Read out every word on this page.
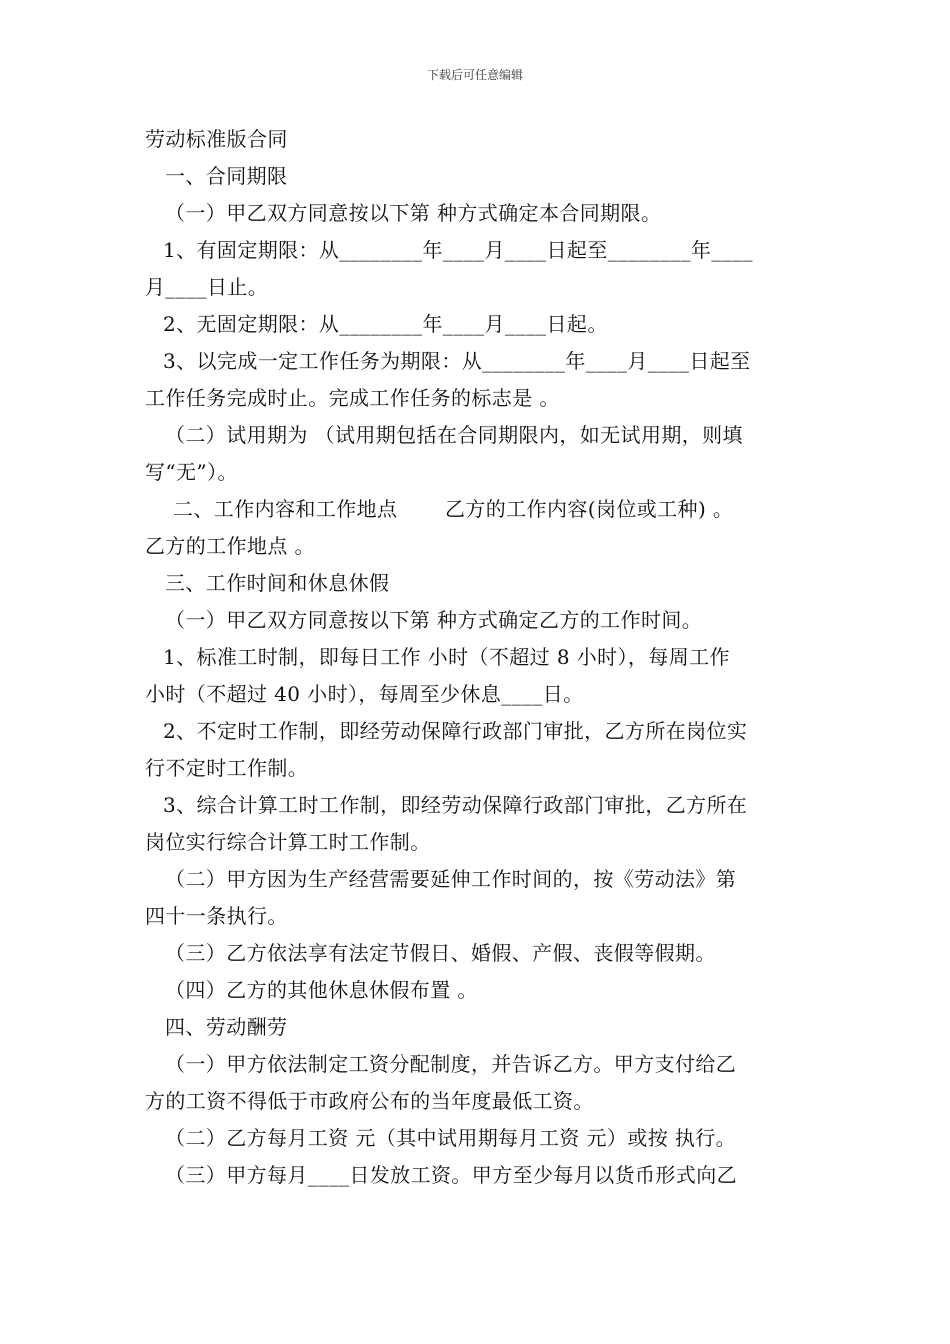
下载后可任意编辑

劳动标准版合同

一、合同期限

（一）甲乙双方同意按以下第 种方式确定本合同期限。

1、有固定期限：从________年____月____日起至________年____

月____日止。

2、无固定期限：从________年____月____日起。

3、以完成一定工作任务为期限：从________年____月____日起至

工作任务完成时止。完成工作任务的标志是 。

（二）试用期为 （试用期包括在合同期限内，如无试用期，则填

写“无”）。

二、工作内容和工作地点　　 乙方的工作内容(岗位或工种) 。

乙方的工作地点 。

三、工作时间和休息休假

（一）甲乙双方同意按以下第 种方式确定乙方的工作时间。

1、标准工时制，即每日工作 小时（不超过 8 小时），每周工作

小时（不超过 40 小时），每周至少休息____日。

2、不定时工作制，即经劳动保障行政部门审批，乙方所在岗位实

行不定时工作制。

3、综合计算工时工作制，即经劳动保障行政部门审批，乙方所在

岗位实行综合计算工时工作制。

（二）甲方因为生产经营需要延伸工作时间的，按《劳动法》第

四十一条执行。

（三）乙方依法享有法定节假日、婚假、产假、丧假等假期。

（四）乙方的其他休息休假布置 。

四、劳动酬劳

（一）甲方依法制定工资分配制度，并告诉乙方。甲方支付给乙

方的工资不得低于市政府公布的当年度最低工资。

（二）乙方每月工资 元（其中试用期每月工资 元）或按 执行。

（三）甲方每月____日发放工资。甲方至少每月以货币形式向乙
